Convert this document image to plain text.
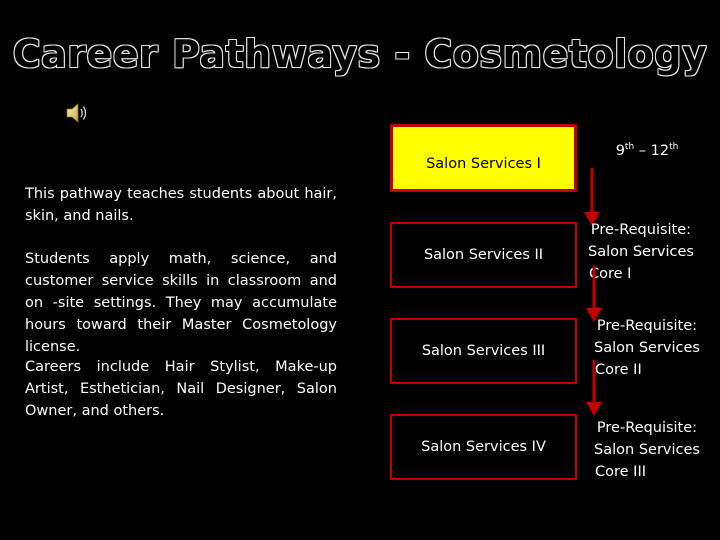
Career Pathways - Cosmetology
This pathway teaches students about hair, skin, and nails.
Students apply math, science, and customer service skills in classroom and on -site settings. They may accumulate hours toward their Master Cosmetology license.
Careers include Hair Stylist, Make-up Artist, Esthetician, Nail Designer, Salon Owner, and others.
Salon Services I
Salon Services II
Salon Services III
Salon Services IV
9th – 12th
Pre-Requisite:
Salon Services
Core I
Pre-Requisite:
Salon Services
Core II
Pre-Requisite:
Salon Services
Core III
